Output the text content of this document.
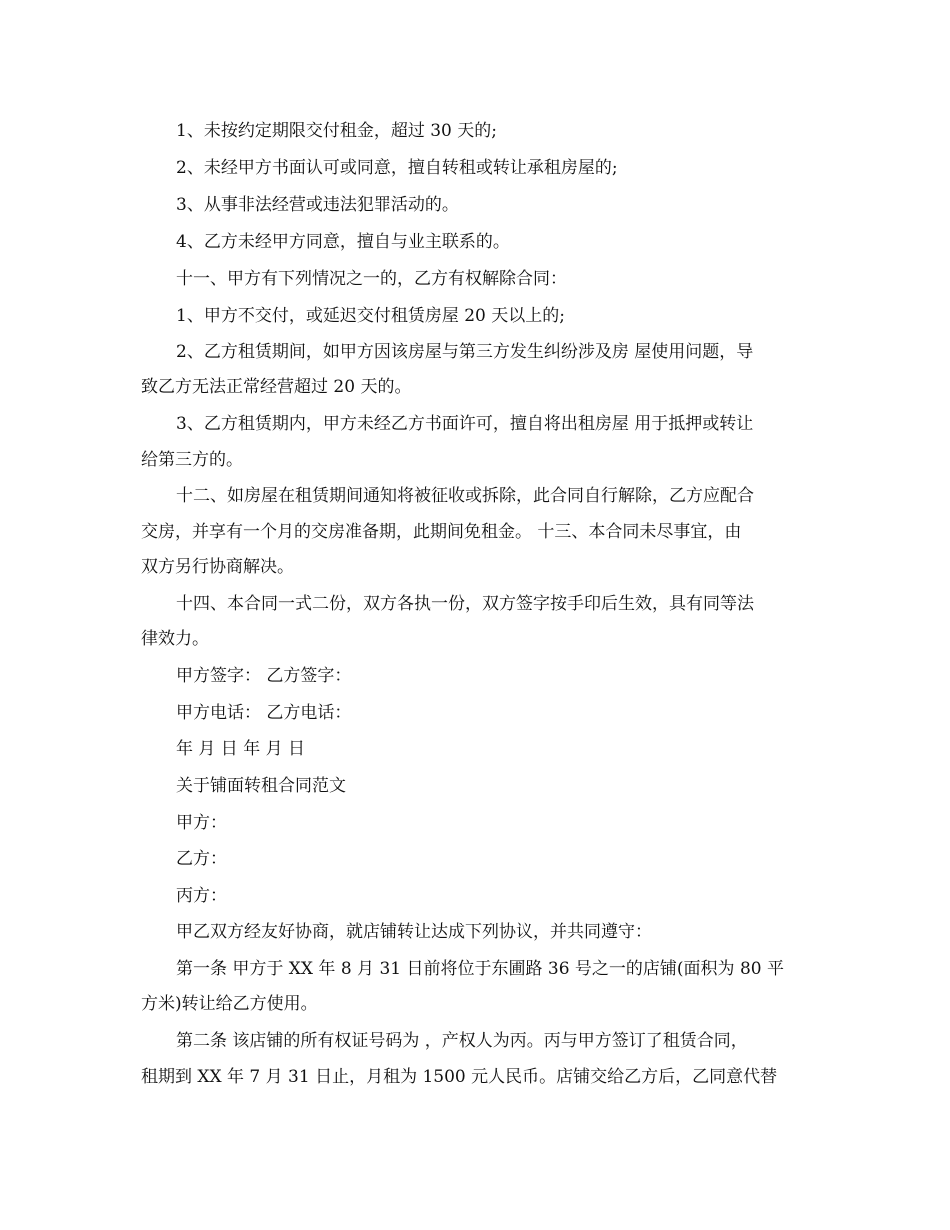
1、未按约定期限交付租金，超过 30 天的;
2、未经甲方书面认可或同意，擅自转租或转让承租房屋的;
3、从事非法经营或违法犯罪活动的。
4、乙方未经甲方同意，擅自与业主联系的。
十一、甲方有下列情况之一的，乙方有权解除合同：
1、甲方不交付，或延迟交付租赁房屋 20 天以上的;
2、乙方租赁期间，如甲方因该房屋与第三方发生纠纷涉及房 屋使用问题，导
致乙方无法正常经营超过 20 天的。
3、乙方租赁期内，甲方未经乙方书面许可，擅自将出租房屋 用于抵押或转让
给第三方的。
十二、如房屋在租赁期间通知将被征收或拆除，此合同自行解除，乙方应配合
交房，并享有一个月的交房准备期，此期间免租金。 十三、本合同未尽事宜，由
双方另行协商解决。
十四、本合同一式二份，双方各执一份，双方签字按手印后生效，具有同等法
律效力。
甲方签字： 乙方签字：
甲方电话： 乙方电话：
年 月 日 年 月 日
关于铺面转租合同范文
甲方：
乙方：
丙方：
甲乙双方经友好协商，就店铺转让达成下列协议，并共同遵守：
第一条 甲方于 XX 年 8 月 31 日前将位于东圃路 36 号之一的店铺(面积为 80 平
方米)转让给乙方使用。
第二条 该店铺的所有权证号码为 ，产权人为丙。丙与甲方签订了租赁合同，
租期到 XX 年 7 月 31 日止，月租为 1500 元人民币。店铺交给乙方后，乙同意代替
